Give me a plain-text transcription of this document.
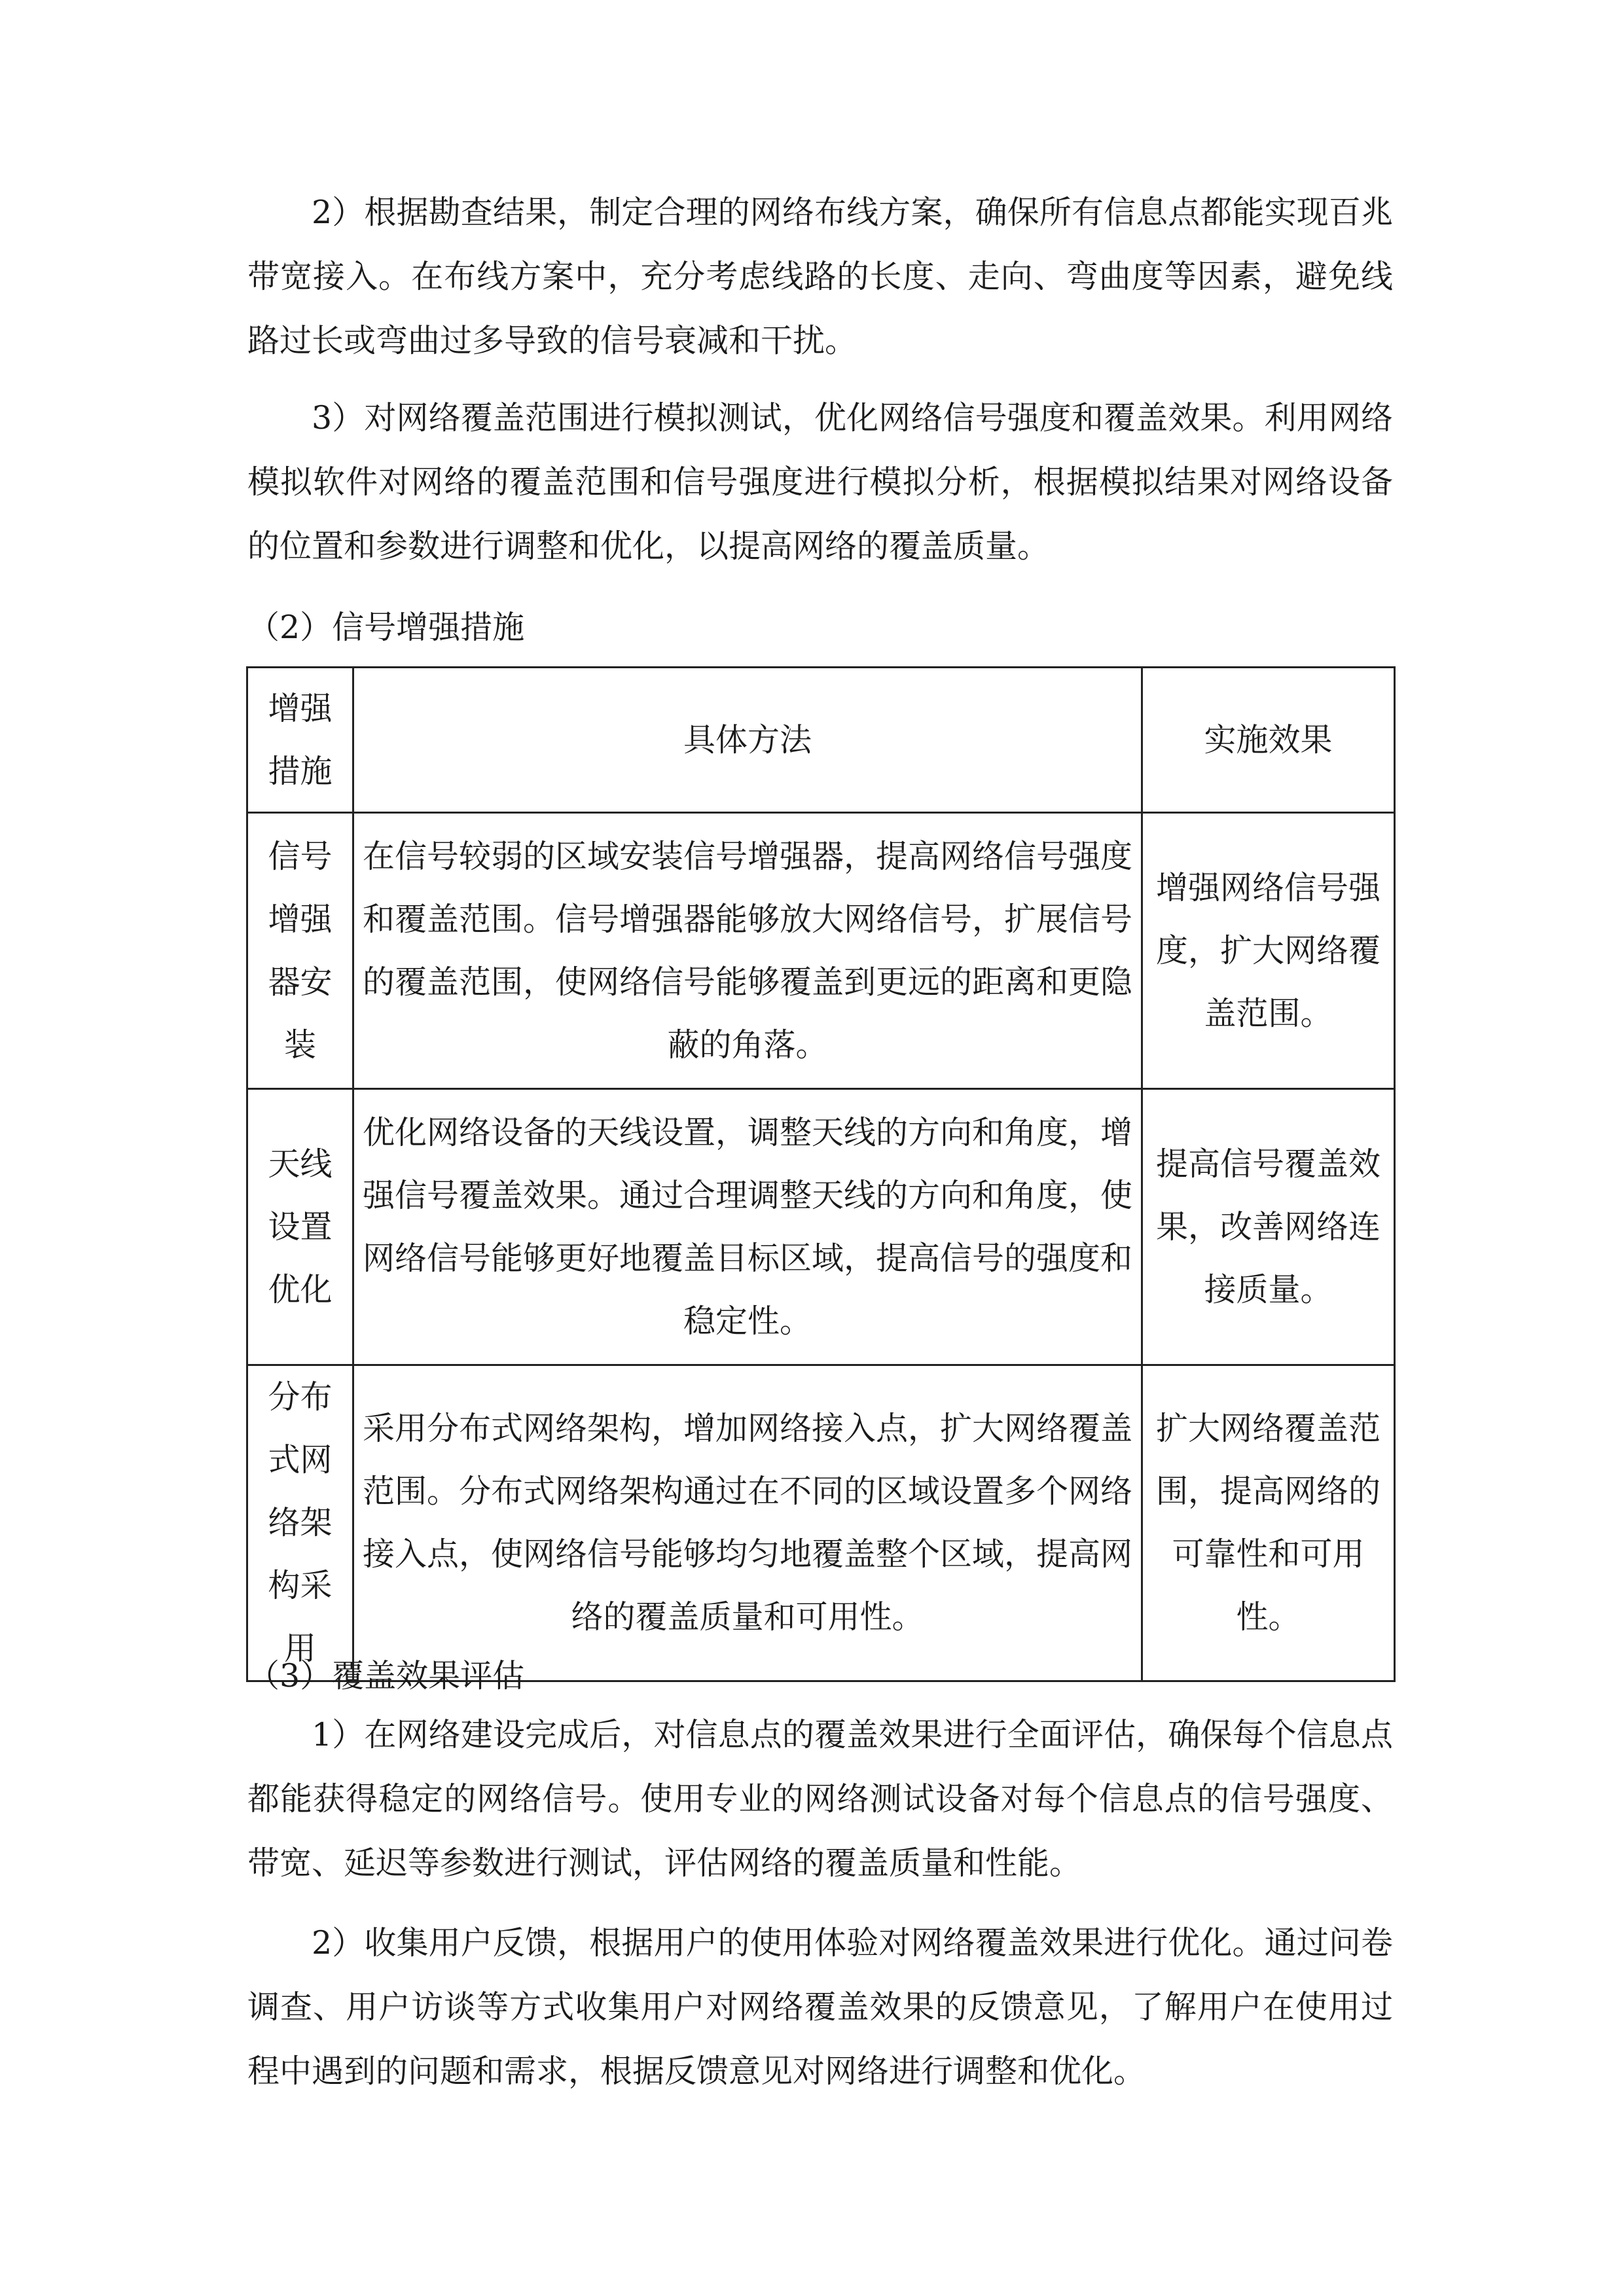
2）根据勘查结果，制定合理的网络布线方案，确保所有信息点都能实现百兆带宽接入。在布线方案中，充分考虑线路的长度、走向、弯曲度等因素，避免线路过长或弯曲过多导致的信号衰减和干扰。

3）对网络覆盖范围进行模拟测试，优化网络信号强度和覆盖效果。利用网络模拟软件对网络的覆盖范围和信号强度进行模拟分析，根据模拟结果对网络设备的位置和参数进行调整和优化，以提高网络的覆盖质量。

（2）信号增强措施

增强措施	具体方法	实施效果
信号增强器安装	在信号较弱的区域安装信号增强器，提高网络信号强度和覆盖范围。信号增强器能够放大网络信号，扩展信号的覆盖范围，使网络信号能够覆盖到更远的距离和更隐蔽的角落。	增强网络信号强度，扩大网络覆盖范围。
天线设置优化	优化网络设备的天线设置，调整天线的方向和角度，增强信号覆盖效果。通过合理调整天线的方向和角度，使网络信号能够更好地覆盖目标区域，提高信号的强度和稳定性。	提高信号覆盖效果，改善网络连接质量。
分布式网络架构采用	采用分布式网络架构，增加网络接入点，扩大网络覆盖范围。分布式网络架构通过在不同的区域设置多个网络接入点，使网络信号能够均匀地覆盖整个区域，提高网络的覆盖质量和可用性。	扩大网络覆盖范围，提高网络的可靠性和可用性。

（3）覆盖效果评估

1）在网络建设完成后，对信息点的覆盖效果进行全面评估，确保每个信息点都能获得稳定的网络信号。使用专业的网络测试设备对每个信息点的信号强度、带宽、延迟等参数进行测试，评估网络的覆盖质量和性能。

2）收集用户反馈，根据用户的使用体验对网络覆盖效果进行优化。通过问卷调查、用户访谈等方式收集用户对网络覆盖效果的反馈意见，了解用户在使用过程中遇到的问题和需求，根据反馈意见对网络进行调整和优化。
